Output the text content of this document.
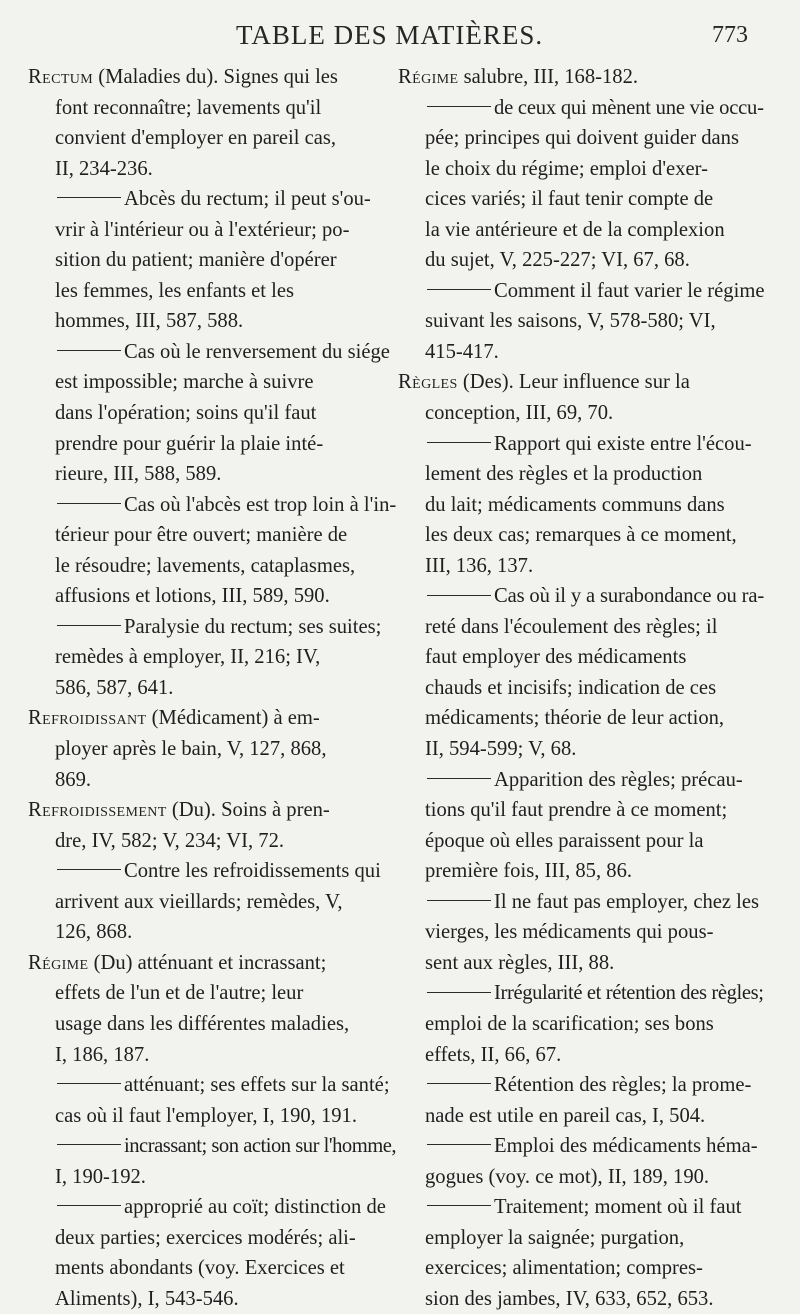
TABLE DES MATIÈRES.	773
Rectum (Maladies du). Signes qui les
font reconnaître; lavements qu'il
convient d'employer en pareil cas,
II, 234-236.
Abcès du rectum; il peut s'ou-
vrir à l'intérieur ou à l'extérieur; po-
sition du patient; manière d'opérer
les femmes, les enfants et les
hommes, III, 587, 588.
Cas où le renversement du siége
est impossible; marche à suivre
dans l'opération; soins qu'il faut
prendre pour guérir la plaie inté-
rieure, III, 588, 589.
Cas où l'abcès est trop loin à l'in-
térieur pour être ouvert; manière de
le résoudre; lavements, cataplasmes,
affusions et lotions, III, 589, 590.
Paralysie du rectum; ses suites;
remèdes à employer, II, 216; IV,
586, 587, 641.
Refroidissant (Médicament) à em-
ployer après le bain, V, 127, 868,
869.
Refroidissement (Du). Soins à pren-
dre, IV, 582; V, 234; VI, 72.
Contre les refroidissements qui
arrivent aux vieillards; remèdes, V,
126, 868.
Régime (Du) atténuant et incrassant;
effets de l'un et de l'autre; leur
usage dans les différentes maladies,
I, 186, 187.
atténuant; ses effets sur la santé;
cas où il faut l'employer, I, 190, 191.
incrassant; son action sur l'homme,
I, 190-192.
approprié au coït; distinction de
deux parties; exercices modérés; ali-
ments abondants (voy. Exercices et
Aliments), I, 543-546.
Régime salubre, III, 168-182.
de ceux qui mènent une vie occu-
pée; principes qui doivent guider dans
le choix du régime; emploi d'exer-
cices variés; il faut tenir compte de
la vie antérieure et de la complexion
du sujet, V, 225-227; VI, 67, 68.
Comment il faut varier le régime
suivant les saisons, V, 578-580; VI,
415-417.
Règles (Des). Leur influence sur la
conception, III, 69, 70.
Rapport qui existe entre l'écou-
lement des règles et la production
du lait; médicaments communs dans
les deux cas; remarques à ce moment,
III, 136, 137.
Cas où il y a surabondance ou ra-
reté dans l'écoulement des règles; il
faut employer des médicaments
chauds et incisifs; indication de ces
médicaments; théorie de leur action,
II, 594-599; V, 68.
Apparition des règles; précau-
tions qu'il faut prendre à ce moment;
époque où elles paraissent pour la
première fois, III, 85, 86.
Il ne faut pas employer, chez les
vierges, les médicaments qui pous-
sent aux règles, III, 88.
Irrégularité et rétention des règles;
emploi de la scarification; ses bons
effets, II, 66, 67.
Rétention des règles; la prome-
nade est utile en pareil cas, I, 504.
Emploi des médicaments héma-
gogues (voy. ce mot), II, 189, 190.
Traitement; moment où il faut
employer la saignée; purgation,
exercices; alimentation; compres-
sion des jambes, IV, 633, 652, 653.
